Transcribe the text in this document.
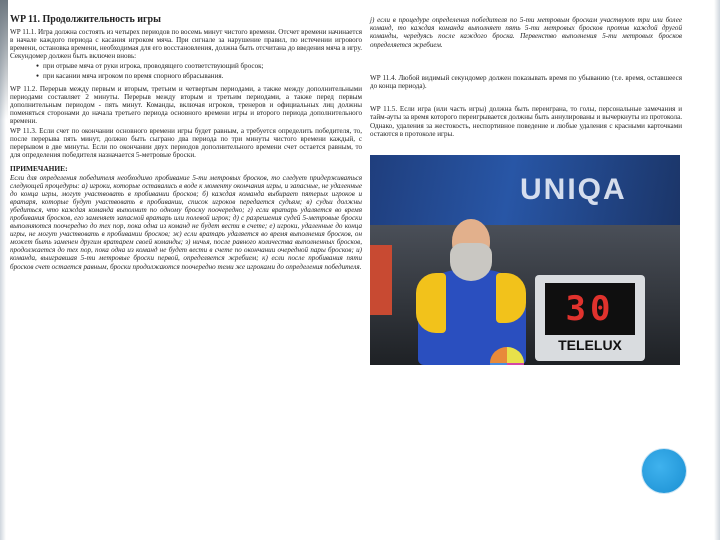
WP 11. Продолжительность игры

WP 11.1. Игра должна состоять из четырех периодов по восемь минут чистого времени. Отсчет времени начинается в начале каждого периода с касания игроком мяча. При сигнале за нарушение правил, по истечении игрового времени, остановка времени, необходимая для его восстановления, должна быть отсчитана до введения мяча в игру. Секундомер должен быть включен вновь:

● при отрыве мяча от руки игрока, проводящего соответствующий бросок;
● при касании мяча игроком по время спорного вбрасывания.

WP 11.2. Перерыв между первым и вторым, третьим и четвертым периодами, а также между дополнительными периодами составляет 2 минуты. Перерыв между вторым и третьим периодами, а также перед первым дополнительным периодом - пять минут. Команды, включая игроков, тренеров и официальных лиц должны поменяться сторонами до начала третьего периода основного времени игры и второго периода дополнительного времени.

WP 11.3. Если счет по окончании основного времени игры будет равным, а требуется определить победителя, то, после перерыва пять минут, должно быть сыграно два периода по три минуты чистого времени каждый, с перерывом в две минуты. Если по окончании двух периодов дополнительного времени счет остается равным, то для определения победителя назначается 5-метровые броски.

ПРИМЕЧАНИЕ:

Если для определения победителя необходимо пробивание 5-ти метровых бросков, то следует придерживаться следующей процедуры: а) игроки, которые оставались в воде к моменту окончания игры, и запасные, не удаленные до конца игры, могут участвовать в пробивании бросков; б) каждая команда выбирает пятерых игроков и вратаря, которые будут участвовать в пробивании, список игроков передается судьям; в) судьи должны убедиться, что каждая команда выполнит по одному броску поочередно; г) если вратарь удаляется во время пробивания бросков, его заменяет запасной вратарь или полевой игрок; д) с разрешения судей 5-метровые броски выполняются поочередно до тех пор, пока одна из команд не будет вести в счете; е) игроки, удаленные до конца игры, не могут участвовать в пробивании бросков; ж) если вратарь удаляется во время выполнения бросков, он может быть заменен другим вратарем своей команды; з) ничья, после равного количества выполненных бросков, продолжается до тех пор, пока одна из команд не будет вести в счете по окончании очередной пары бросков; и) команда, выигравшая 5-ти метровые броски первой, определяется жребием; к) если после пробивания пяти бросков счет остается равным, броски продолжаются поочередно теми же игроками до определения победителя.

j) если в процедуре определения победителя по 5-ти метровым броскам участвуют три или более команд, то каждая команда выполняет пять 5-ти метровых бросков против каждой другой команды, чередуясь после каждого броска. Первенство выполнения 5-ти метровых бросков определяется жребием.

WP 11.4. Любой видимый секундомер должен показывать время по убыванию (т.е. время, оставшееся до конца периода).

WP 11.5. Если игра (или часть игры) должна быть переиграна, то голы, персональные замечания и тайм-ауты за время которого переигрывается должны быть аннулированы и вычеркнуты из протокола. Однако, удаления за жестокость, неспортивное поведение и любые удаления с красными карточками остаются в протоколе игры.

UNIQA
30
TELELUX
